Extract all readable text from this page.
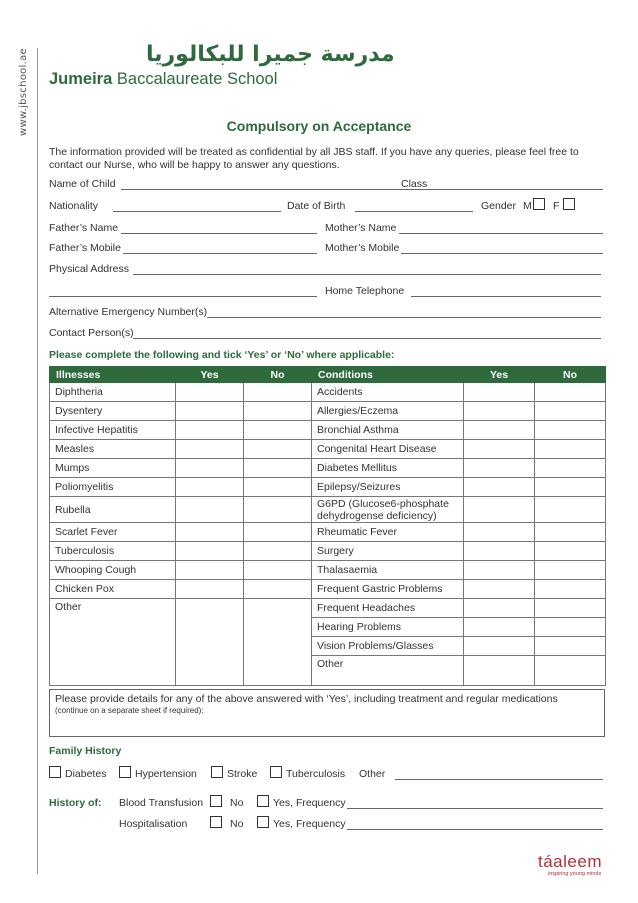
www.jbschool.ae	مدرسة جميرا للبكالوريا
Jumeira Baccalaureate School
Compulsory on Acceptance
The information provided will be treated as confidential by all JBS staff. If you have any queries, please feel free to contact our Nurse, who will be happy to answer any questions.
Name of Child	Class
Nationality	Date of Birth	Gender M F
Father’s Name	Mother’s Name
Father’s Mobile	Mother’s Mobile
Physical Address
Home Telephone
Alternative Emergency Number(s)
Contact Person(s)
Please complete the following and tick ‘Yes’ or ‘No’ where applicable:
Illnesses	Yes	No	Conditions	Yes	No
Diphtheria			Accidents		
Dysentery			Allergies/Eczema		
Infective Hepatitis			Bronchial Asthma		
Measles			Congenital Heart Disease		
Mumps			Diabetes Mellitus		
Poliomyelitis			Epilepsy/Seizures		
Rubella			G6PD (Glucose6-phosphate dehydrogense deficiency)		
Scarlet Fever			Rheumatic Fever		
Tuberculosis			Surgery		
Whooping Cough			Thalasaemia		
Chicken Pox			Frequent Gastric Problems		
Other			Frequent Headaches		
			Hearing Problems		
			Vision Problems/Glasses		
			Other		
Please provide details for any of the above answered with ‘Yes’, including treatment and regular medications
(continue on a separate sheet if required):
Family History
Diabetes	Hypertension	Stroke	Tuberculosis Other
History of: Blood Transfusion	No	Yes, Frequency
Hospitalisation	No	Yes, Frequency
táaleem
inspiring young minds
